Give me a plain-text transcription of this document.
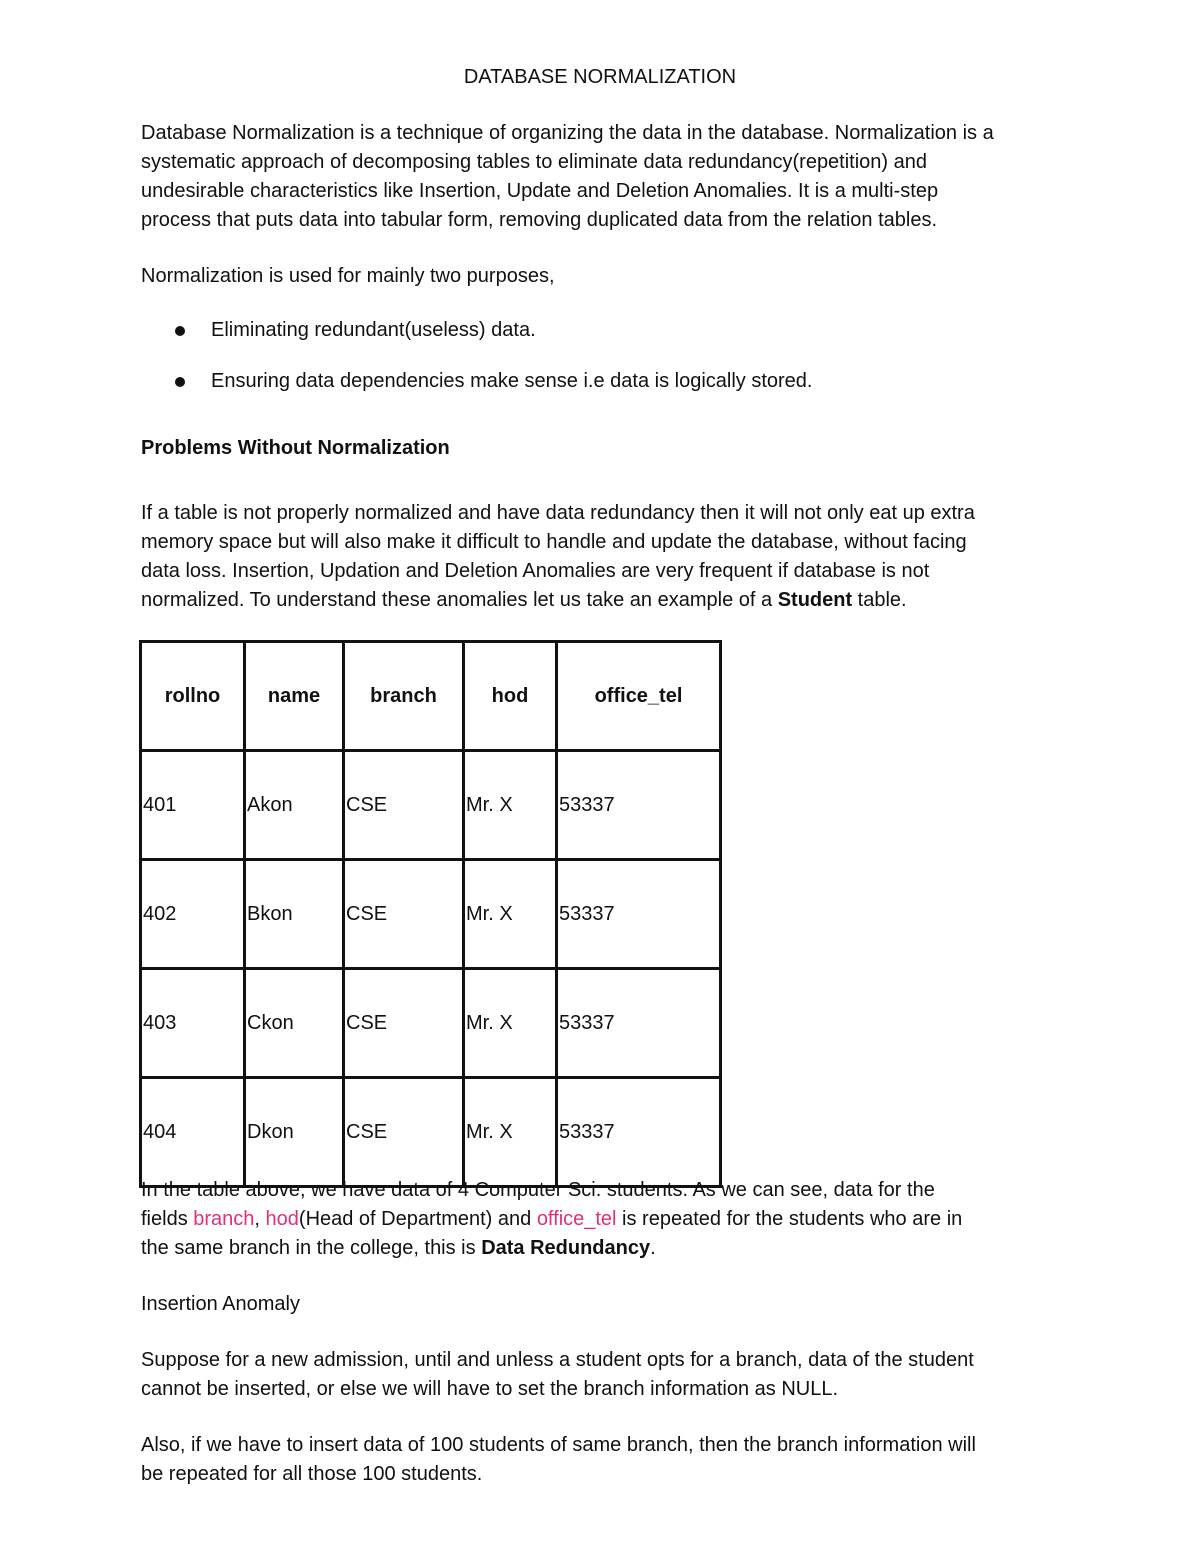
DATABASE NORMALIZATION
Database Normalization is a technique of organizing the data in the database. Normalization is a
systematic approach of decomposing tables to eliminate data redundancy(repetition) and
undesirable characteristics like Insertion, Update and Deletion Anomalies. It is a multi-step
process that puts data into tabular form, removing duplicated data from the relation tables.
Normalization is used for mainly two purposes,
Eliminating redundant(useless) data.
Ensuring data dependencies make sense i.e data is logically stored.
Problems Without Normalization
If a table is not properly normalized and have data redundancy then it will not only eat up extra
memory space but will also make it difficult to handle and update the database, without facing
data loss. Insertion, Updation and Deletion Anomalies are very frequent if database is not
normalized. To understand these anomalies let us take an example of a Student table.
rollno	name	branch	hod	office_tel
401	Akon	CSE	Mr. X	53337
402	Bkon	CSE	Mr. X	53337
403	Ckon	CSE	Mr. X	53337
404	Dkon	CSE	Mr. X	53337
In the table above, we have data of 4 Computer Sci. students. As we can see, data for the
fields branch, hod(Head of Department) and office_tel is repeated for the students who are in
the same branch in the college, this is Data Redundancy.
Insertion Anomaly
Suppose for a new admission, until and unless a student opts for a branch, data of the student
cannot be inserted, or else we will have to set the branch information as NULL.
Also, if we have to insert data of 100 students of same branch, then the branch information will
be repeated for all those 100 students.
